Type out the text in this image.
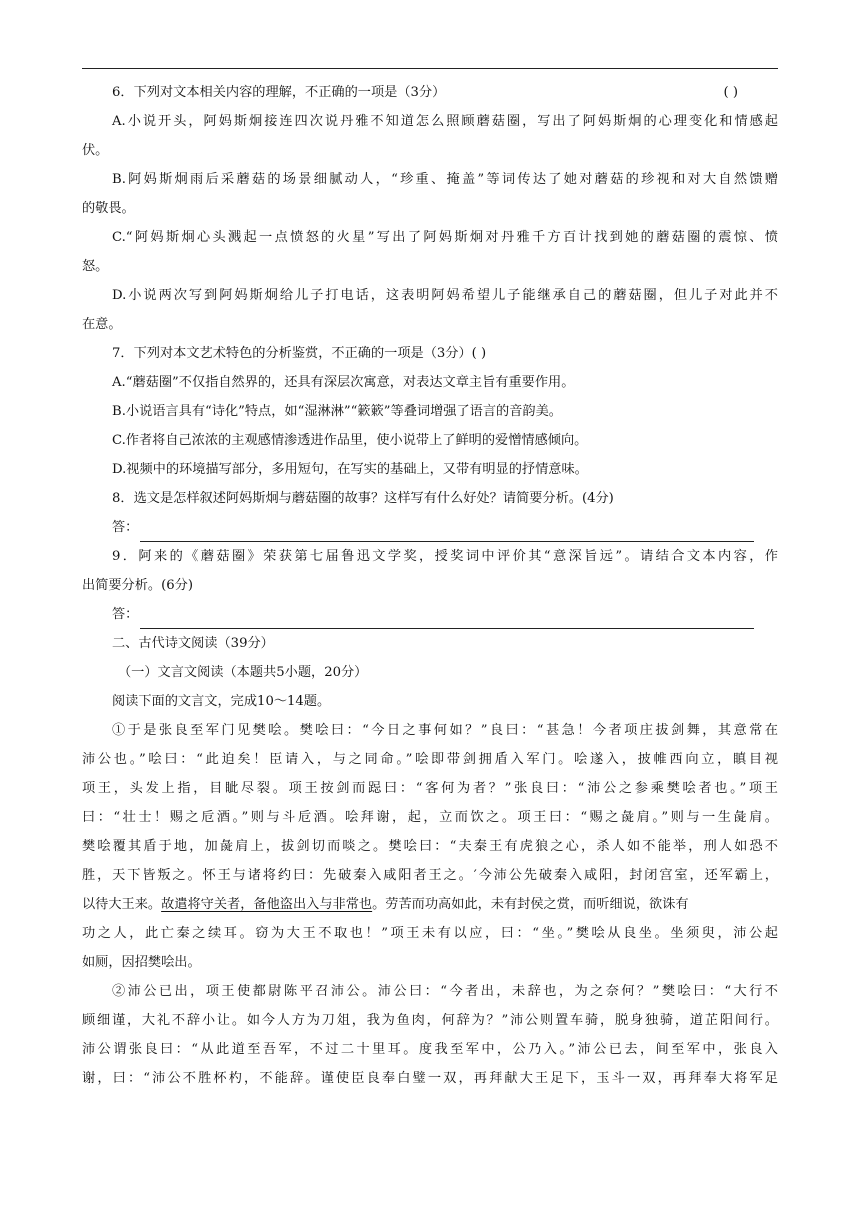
6．下列对文本相关内容的理解，不正确的一项是（3分）	( )
A.小说开头，阿妈斯炯接连四次说丹雅不知道怎么照顾蘑菇圈，写出了阿妈斯炯的心理变化和情感起
伏。
B.阿妈斯炯雨后采蘑菇的场景细腻动人，“珍重、掩盖”等词传达了她对蘑菇的珍视和对大自然馈赠
的敬畏。
C.“阿妈斯炯心头溅起一点愤怒的火星”写出了阿妈斯炯对丹雅千方百计找到她的蘑菇圈的震惊、愤
怒。
D.小说两次写到阿妈斯炯给儿子打电话，这表明阿妈希望儿子能继承自己的蘑菇圈，但儿子对此并不
在意。
7．下列对本文艺术特色的分析鉴赏，不正确的一项是（3分）( )
A.“蘑菇圈”不仅指自然界的，还具有深层次寓意，对表达文章主旨有重要作用。
B.小说语言具有“诗化”特点，如“湿淋淋”“簌簌”等叠词增强了语言的音韵美。
C.作者将自己浓浓的主观感情渗透进作品里，使小说带上了鲜明的爱憎情感倾向。
D.视频中的环境描写部分，多用短句，在写实的基础上，又带有明显的抒情意味。
8．选文是怎样叙述阿妈斯炯与蘑菇圈的故事？这样写有什么好处？请简要分析。(4分)
答：
9．阿来的《蘑菇圈》荣获第七届鲁迅文学奖，授奖词中评价其“意深旨远”。请结合文本内容，作
出简要分析。(6分)
答：
二、古代诗文阅读（39分）
（一）文言文阅读（本题共5小题，20分）
阅读下面的文言文，完成10～14题。
①于是张良至军门见樊哙。樊哙曰：“今日之事何如？”良曰：“甚急！今者项庄拔剑舞，其意常在
沛公也。”哙曰：“此迫矣！臣请入，与之同命。”哙即带剑拥盾入军门。哙遂入，披帷西向立，瞋目视
项王，头发上指，目眦尽裂。项王按剑而跽曰：“客何为者？”张良曰：“沛公之参乘樊哙者也。”项王
曰：“壮士！赐之卮酒。”则与斗卮酒。哙拜谢，起，立而饮之。项王曰：“赐之彘肩。”则与一生彘肩。
樊哙覆其盾于地，加彘肩上，拔剑切而啖之。樊哙曰：“夫秦王有虎狼之心，杀人如不能举，刑人如恐不
胜，天下皆叛之。怀王与诸将约曰：先破秦入咸阳者王之。′今沛公先破秦入咸阳，封闭宫室，还军霸上，
以待大王来。故遣将守关者，备他盗出入与非常也。劳苦而功高如此，未有封侯之赏，而听细说，欲诛有
功之人，此亡秦之续耳。窃为大王不取也！”项王未有以应，曰：“坐。”樊哙从良坐。坐须臾，沛公起
如厕，因招樊哙出。
②沛公已出，项王使都尉陈平召沛公。沛公曰：“今者出，未辞也，为之奈何？”樊哙曰：“大行不
顾细谨，大礼不辞小让。如今人方为刀俎，我为鱼肉，何辞为？”沛公则置车骑，脱身独骑，道芷阳间行。
沛公谓张良曰：“从此道至吾军，不过二十里耳。度我至军中，公乃入。”沛公已去，间至军中，张良入
谢，曰：“沛公不胜杯杓，不能辞。谨使臣良奉白璧一双，再拜献大王足下，玉斗一双，再拜奉大将军足
